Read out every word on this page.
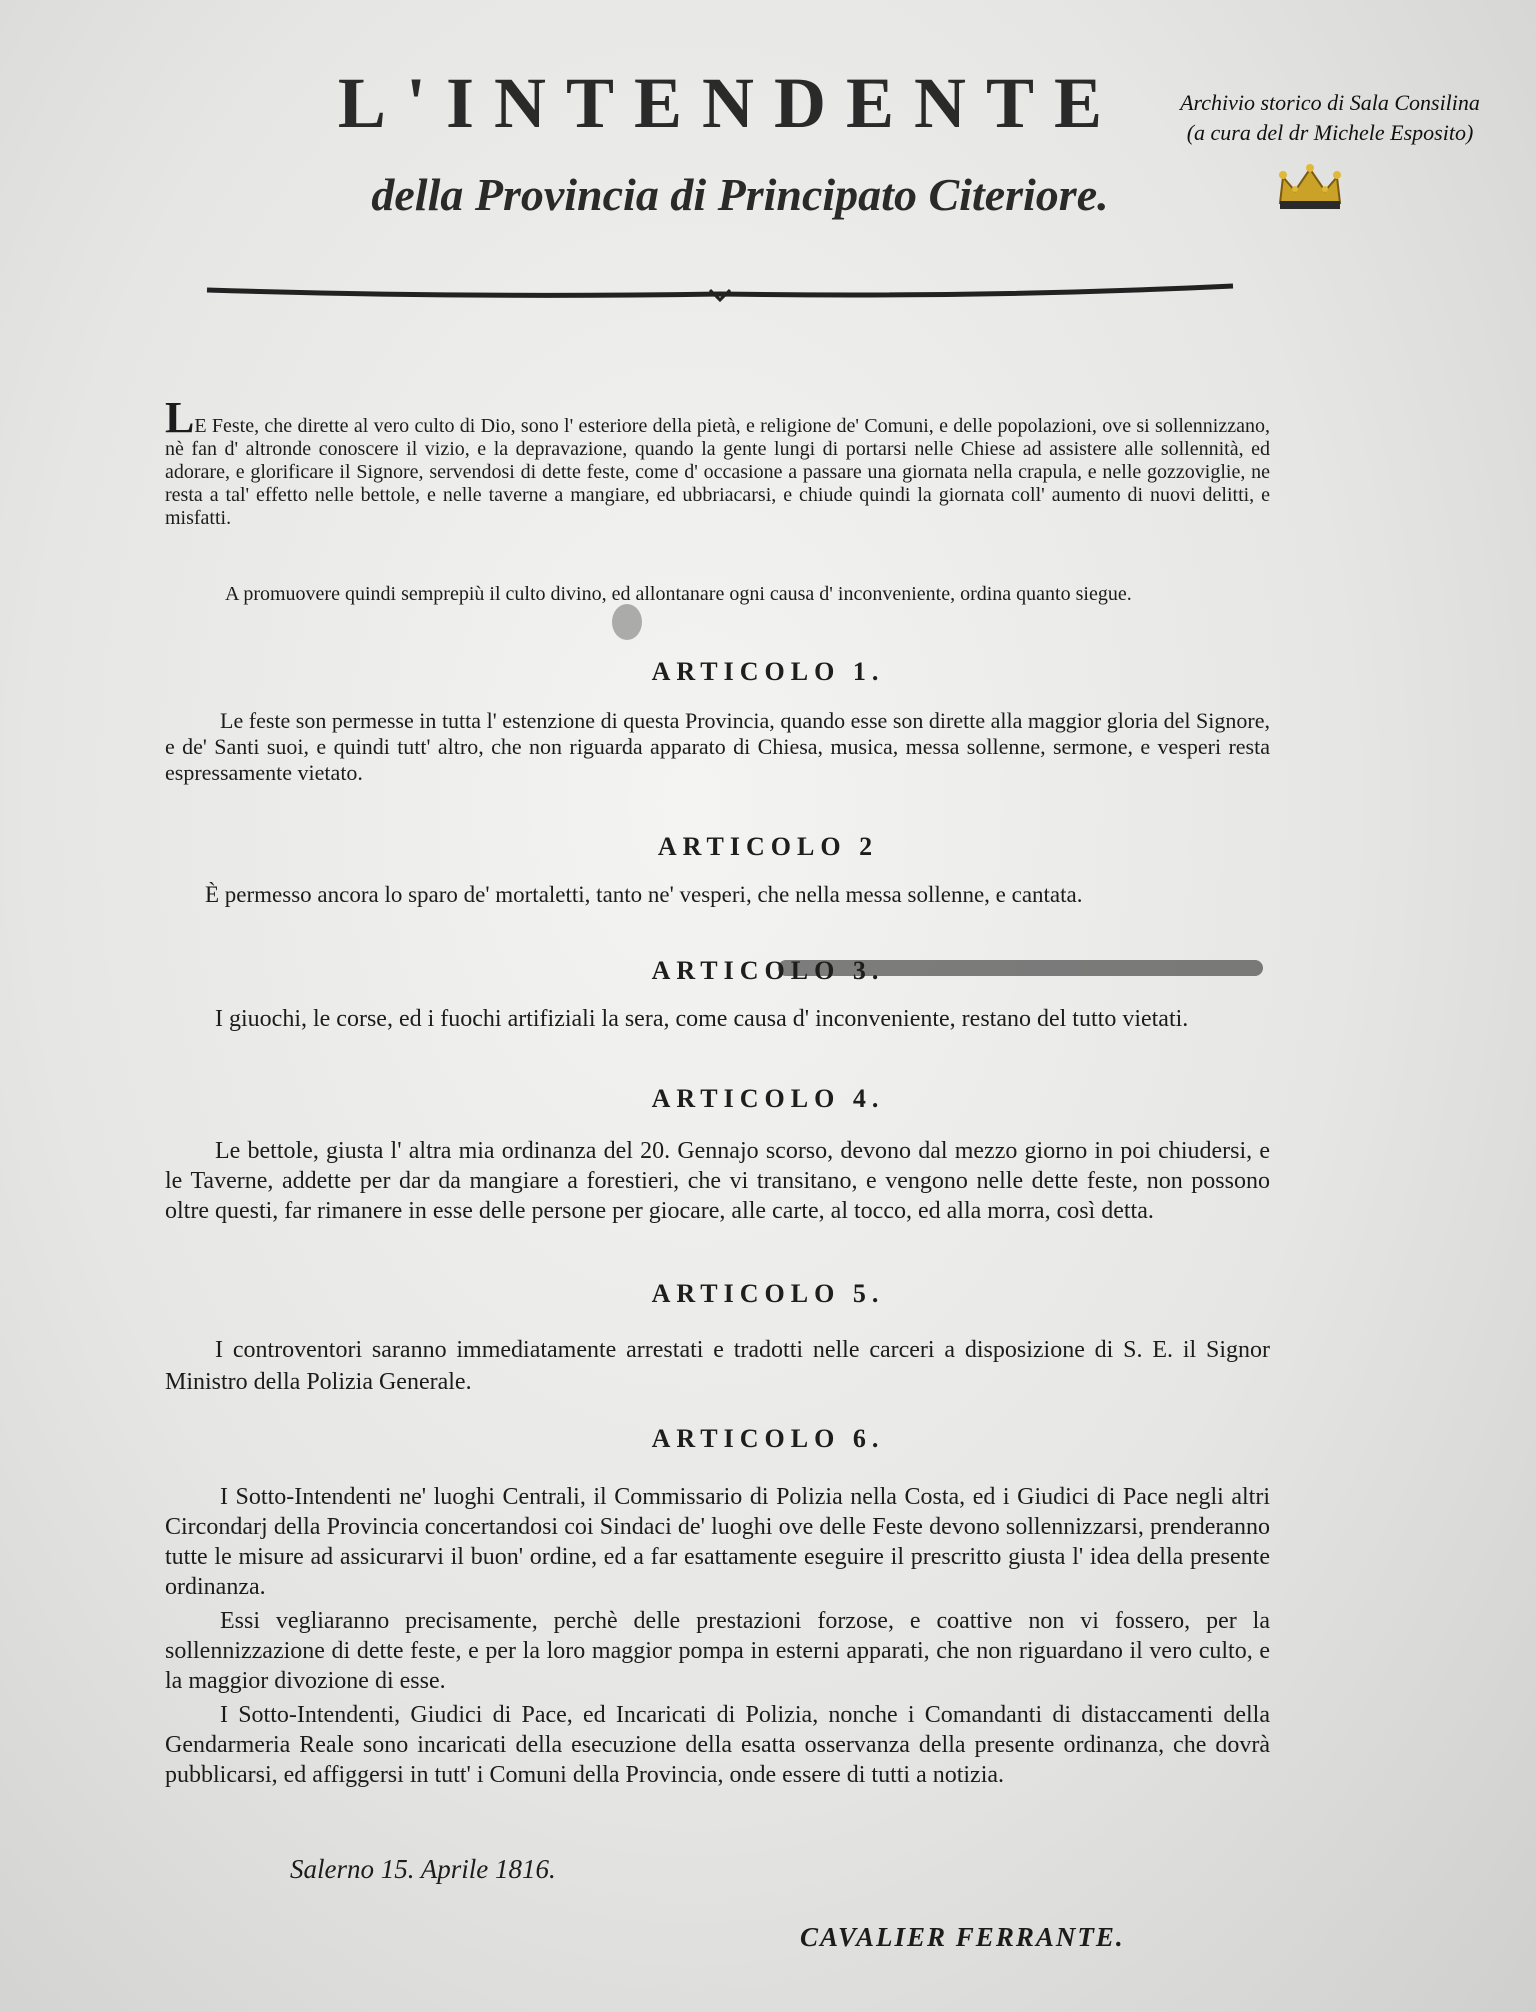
L'INTENDENTE
della Provincia di Principato Citeriore.
Archivio storico di Sala Consilina
(a cura del dr Michele Esposito)

LE Feste, che dirette al vero culto di Dio, sono l' esteriore della pietà, e religione de' Comuni, e delle popolazioni, ove si sollennizzano, nè fan d' altronde conoscere il vizio, e la depravazione, quando la gente lungi di portarsi nelle Chiese ad assistere alle sollennità, ed adorare, e glorificare il Signore, servendosi di dette feste, come d' occasione a passare una giornata nella crapula, e nelle gozzoviglie, ne resta a tal' effetto nelle bettole, e nelle taverne a mangiare, ed ubbriacarsi, e chiude quindi la giornata coll' aumento di nuovi delitti, e misfatti.

A promuovere quindi semprepiù il culto divino, ed allontanare ogni causa d' inconveniente, ordina quanto siegue.

ARTICOLO 1.

Le feste son permesse in tutta l' estenzione di questa Provincia, quando esse son dirette alla maggior gloria del Signore, e de' Santi suoi, e quindi tutt' altro, che non riguarda apparato di Chiesa, musica, messa sollenne, sermone, e vesperi resta espressamente vietato.

ARTICOLO 2

È permesso ancora lo sparo de' mortaletti, tanto ne' vesperi, che nella messa sollenne, e cantata.

ARTICOLO 3.

I giuochi, le corse, ed i fuochi artifiziali la sera, come causa d' inconveniente, restano del tutto vietati.

ARTICOLO 4.

Le bettole, giusta l' altra mia ordinanza del 20. Gennajo scorso, devono dal mezzo giorno in poi chiudersi, e le Taverne, addette per dar da mangiare a forestieri, che vi transitano, e vengono nelle dette feste, non possono oltre questi, far rimanere in esse delle persone per giocare, alle carte, al tocco, ed alla morra, così detta.

ARTICOLO 5.

I controventori saranno immediatamente arrestati e tradotti nelle carceri a disposizione di S. E. il Signor Ministro della Polizia Generale.

ARTICOLO 6.

I Sotto-Intendenti ne' luoghi Centrali, il Commissario di Polizia nella Costa, ed i Giudici di Pace negli altri Circondarj della Provincia concertandosi coi Sindaci de' luoghi ove delle Feste devono sollennizzarsi, prenderanno tutte le misure ad assicurarvi il buon' ordine, ed a far esattamente eseguire il prescritto giusta l' idea della presente ordinanza.

Essi vegliaranno precisamente, perchè delle prestazioni forzose, e coattive non vi fossero, per la sollennizzazione di dette feste, e per la loro maggior pompa in esterni apparati, che non riguardano il vero culto, e la maggior divozione di esse.

I Sotto-Intendenti, Giudici di Pace, ed Incaricati di Polizia, nonche i Comandanti di distaccamenti della Gendarmeria Reale sono incaricati della esecuzione della esatta osservanza della presente ordinanza, che dovrà pubblicarsi, ed affiggersi in tutt' i Comuni della Provincia, onde essere di tutti a notizia.

Salerno 15. Aprile 1816.

CAVALIER FERRANTE.
